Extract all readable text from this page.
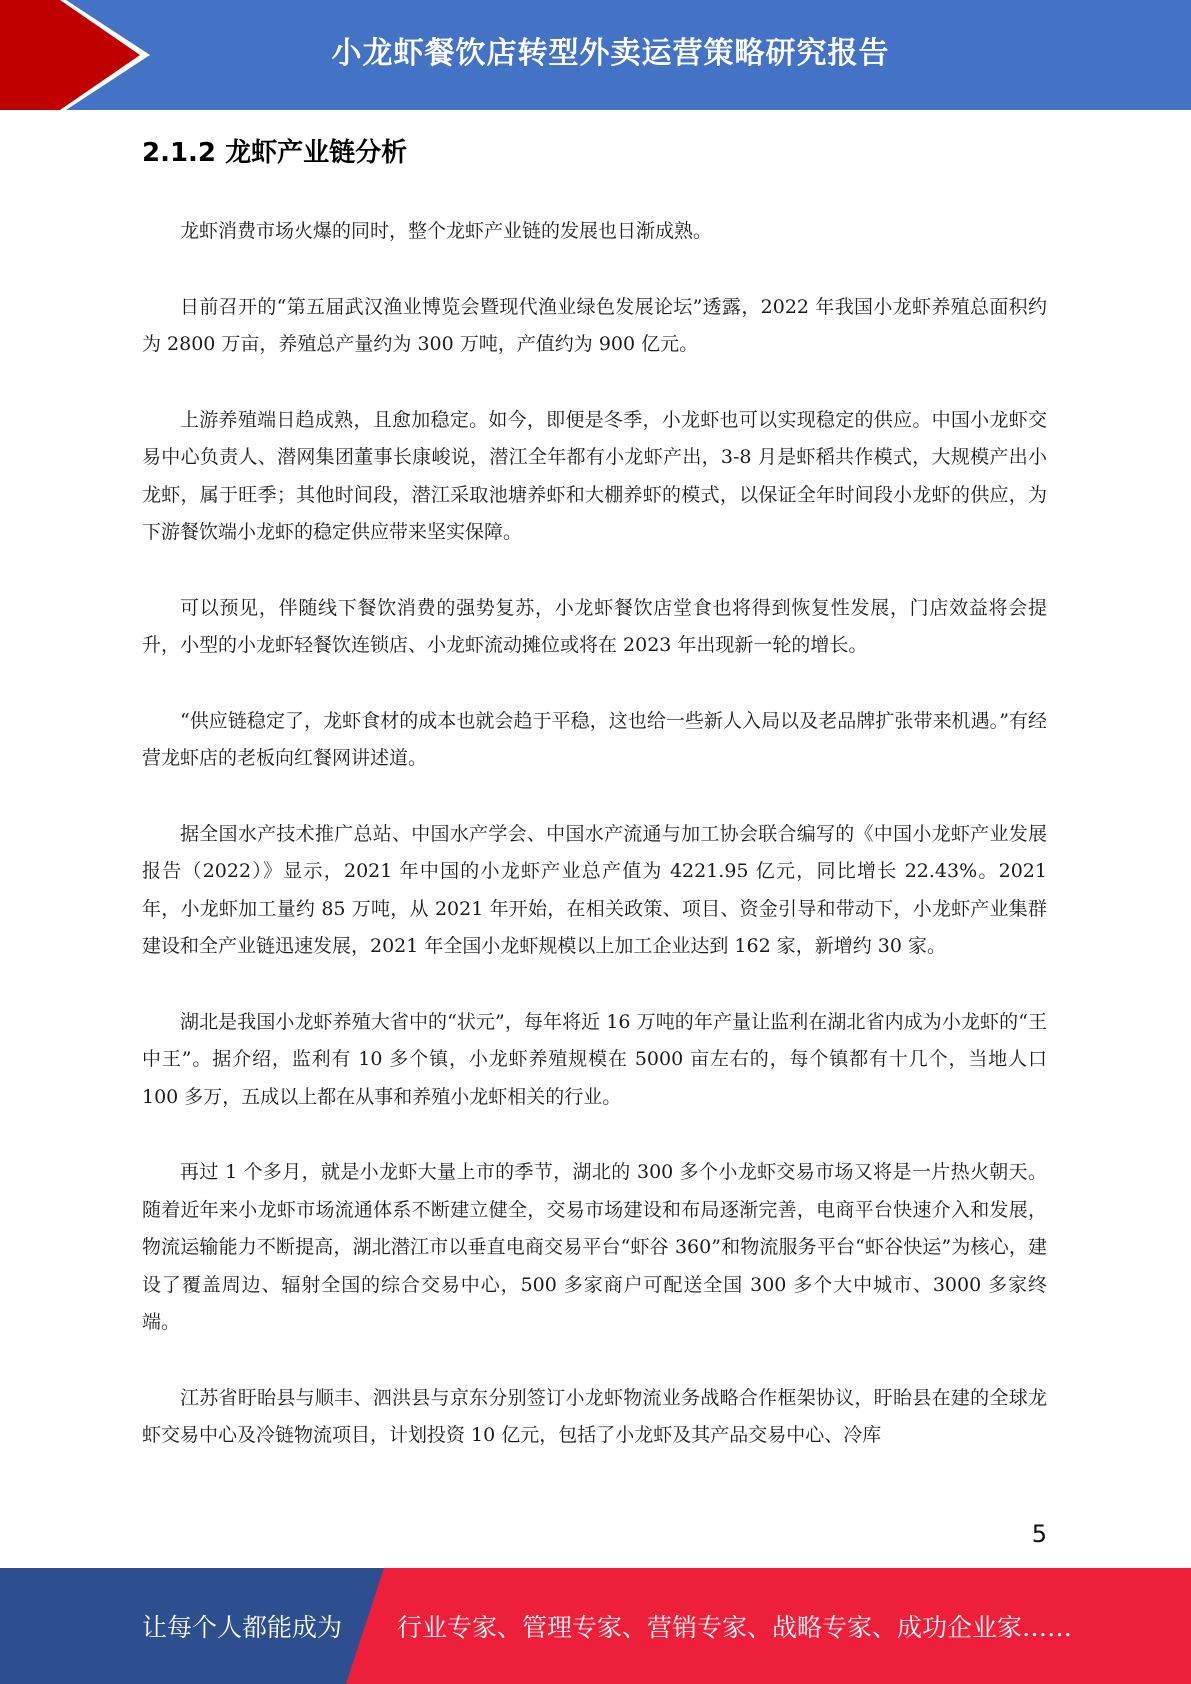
小龙虾餐饮店转型外卖运营策略研究报告
2.1.2 龙虾产业链分析

龙虾消费市场火爆的同时，整个龙虾产业链的发展也日渐成熟。

日前召开的“第五届武汉渔业博览会暨现代渔业绿色发展论坛”透露，2022 年我国小龙虾养殖总面积约为 2800 万亩，养殖总产量约为 300 万吨，产值约为 900 亿元。

上游养殖端日趋成熟，且愈加稳定。如今，即便是冬季，小龙虾也可以实现稳定的供应。中国小龙虾交易中心负责人、潜网集团董事长康峻说，潜江全年都有小龙虾产出，3-8 月是虾稻共作模式，大规模产出小龙虾，属于旺季；其他时间段，潜江采取池塘养虾和大棚养虾的模式，以保证全年时间段小龙虾的供应，为下游餐饮端小龙虾的稳定供应带来坚实保障。

可以预见，伴随线下餐饮消费的强势复苏，小龙虾餐饮店堂食也将得到恢复性发展，门店效益将会提升，小型的小龙虾轻餐饮连锁店、小龙虾流动摊位或将在 2023 年出现新一轮的增长。

“供应链稳定了，龙虾食材的成本也就会趋于平稳，这也给一些新人入局以及老品牌扩张带来机遇。”有经营龙虾店的老板向红餐网讲述道。

据全国水产技术推广总站、中国水产学会、中国水产流通与加工协会联合编写的《中国小龙虾产业发展报告（2022）》显示，2021 年中国的小龙虾产业总产值为 4221.95 亿元，同比增长 22.43%。2021 年，小龙虾加工量约 85 万吨，从 2021 年开始，在相关政策、项目、资金引导和带动下，小龙虾产业集群建设和全产业链迅速发展，2021 年全国小龙虾规模以上加工企业达到 162 家，新增约 30 家。

湖北是我国小龙虾养殖大省中的“状元”，每年将近 16 万吨的年产量让监利在湖北省内成为小龙虾的“王中王”。据介绍，监利有 10 多个镇，小龙虾养殖规模在 5000 亩左右的，每个镇都有十几个，当地人口 100 多万，五成以上都在从事和养殖小龙虾相关的行业。

再过 1 个多月，就是小龙虾大量上市的季节，湖北的 300 多个小龙虾交易市场又将是一片热火朝天。随着近年来小龙虾市场流通体系不断建立健全，交易市场建设和布局逐渐完善，电商平台快速介入和发展，物流运输能力不断提高，湖北潜江市以垂直电商交易平台“虾谷 360”和物流服务平台“虾谷快运”为核心，建设了覆盖周边、辐射全国的综合交易中心，500 多家商户可配送全国 300 多个大中城市、3000 多家终端。

江苏省盱眙县与顺丰、泗洪县与京东分别签订小龙虾物流业务战略合作框架协议，盱眙县在建的全球龙虾交易中心及冷链物流项目，计划投资 10 亿元，包括了小龙虾及其产品交易中心、冷库

5
让每个人都能成为 行业专家、管理专家、营销专家、战略专家、成功企业家……
